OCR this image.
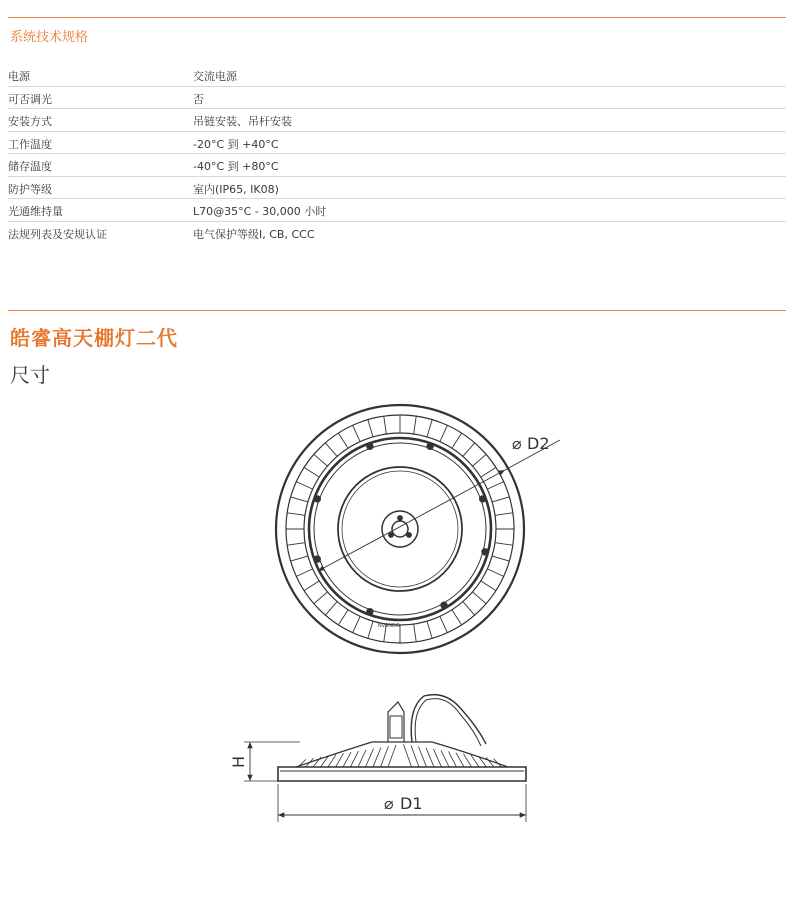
系统技术规格
电源	交流电源
可否调光	否
安装方式	吊链安装、吊杆安装
工作温度	-20°C 到 +40°C
储存温度	-40°C 到 +80°C
防护等级	室内(IP65, IK08)
光通维持量	L70@35°C - 30,000 小时
法规列表及安规认证	电气保护等级I, CB, CCC
皓睿高天棚灯二代
尺寸
⌀ D2
NVANDO
H
⌀ D1
